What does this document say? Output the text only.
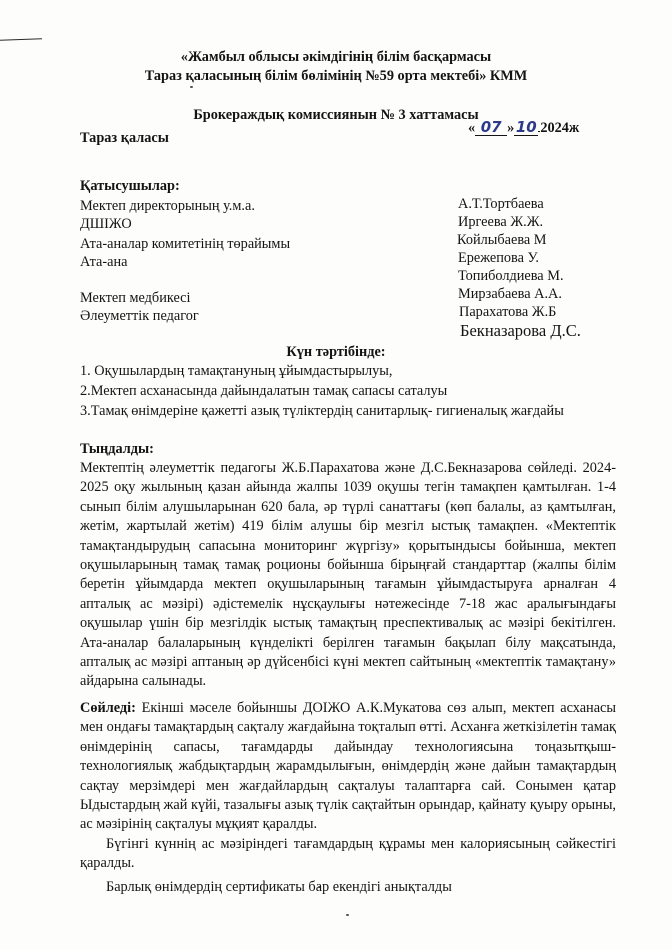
«Жамбыл облысы әкімдігінің білім басқармасы
Тараз қаласының білім бөлімінің №59 орта мектебі» КММ
Брокераждық комиссиянын № 3 хаттамасы
Тараз қаласы
« 07 » 10 2024ж
Қатысушылар:
Мектеп директорының у.м.а.
ДШІЖО
Ата-аналар комитетінің төрайымы
Ата-ана
Мектеп медбикесі
Әлеуметтік педагог
А.Т.Тортбаева
Иргеева Ж.Ж.
Койлыбаева М
Ережепова У.
Топиболдиева М.
Мирзабаева А.А.
Парахатова Ж.Б
Бекназарова Д.С.
Күн тәртібінде:
1. Оқушылардың тамақтануның ұйымдастырылуы,
2.Мектеп асханасында дайындалатын тамақ сапасы саталуы
3.Тамақ өнімдеріне қажетті азық түліктердің санитарлық- гигиеналық жағдайы
Тыңдалды:

Мектептің әлеуметтік педагогы Ж.Б.Парахатова және Д.С.Бекназарова сөйледі. 2024-2025 оқу жылының қазан айында жалпы 1039 оқушы тегін тамақпен қамтылған. 1-4 сынып білім алушыларынан 620 бала, әр түрлі санаттағы (көп балалы, аз қамтылған, жетім, жартылай жетім) 419 білім алушы бір мезгіл ыстық тамақпен. «Мектептік тамақтандырудың сапасына мониторинг жүргізу» қорытындысы бойынша, мектеп оқушыларының тамақ тамақ роционы бойынша бірыңғай стандарттар (жалпы білім беретін ұйымдарда мектеп оқушыларының тағамын ұйымдастыруға арналған 4 апталық ас мәзірі) әдістемелік нұсқаулығы нәтежесінде 7-18 жас аралығындағы оқушылар үшін бір мезгілдік ыстық тамақтың преспективалық ас мәзірі бекітілген. Ата-аналар балаларының күнделікті берілген тағамын бақылап білу мақсатында, апталық ас мәзірі аптаның әр дүйсенбісі күні мектеп сайтының «мектептік тамақтану» айдарына салынады.

Сөйледі: Екінші мәселе бойыншы ДОІЖО А.К.Мукатова сөз алып, мектеп асханасы мен ондағы тамақтардың сақталу жағдайына тоқталып өтті. Асханға жеткізілетін тамақ өнімдерінің сапасы, тағамдарды дайындау технологиясына тоңазытқыш- технологиялық жабдықтардың жарамдылығын, өнімдердің және дайын тамақтардың сақтау мерзімдері мен жағдайлардың сақталуы талаптарға сай. Сонымен қатар Ыдыстардың жай күйі, тазалығы азық түлік сақтайтын орындар, қайнату қуыру орыны, ас мәзірінің сақталуы мұқият қаралды.

Бүгінгі күннің ас мәзіріндегі тағамдардың құрамы мен калориясының сәйкестігі қаралды.

Барлық өнімдердің сертификаты бар екендігі анықталды
